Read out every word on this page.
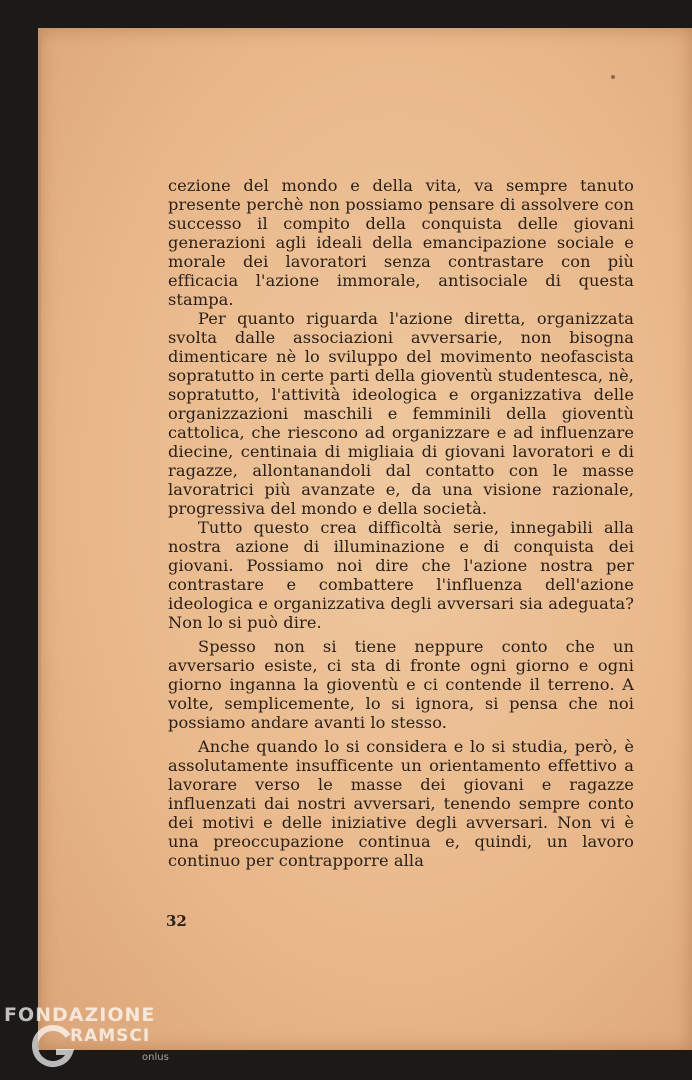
cezione del mondo e della vita, va sempre tanuto presente perchè non possiamo pensare di assolvere con successo il compito della conquista delle giovani generazioni agli ideali della emancipazione sociale e morale dei lavoratori senza contrastare con più efficacia l'azione immorale, antisociale di questa stampa.

Per quanto riguarda l'azione diretta, organizzata svolta dalle associazioni avversarie, non bisogna dimenticare nè lo sviluppo del movimento neofascista sopratutto in certe parti della gioventù studentesca, nè, sopratutto, l'attività ideologica e organizzativa delle organizzazioni maschili e femminili della gioventù cattolica, che riescono ad organizzare e ad influenzare diecine, centinaia di migliaia di giovani lavoratori e di ragazze, allontanandoli dal contatto con le masse lavoratrici più avanzate e, da una visione razionale, progressiva del mondo e della società.

Tutto questo crea difficoltà serie, innegabili alla nostra azione di illuminazione e di conquista dei giovani. Possiamo noi dire che l'azione nostra per contrastare e combattere l'influenza dell'azione ideologica e organizzativa degli avversari sia adeguata? Non lo si può dire.

Spesso non si tiene neppure conto che un avversario esiste, ci sta di fronte ogni giorno e ogni giorno inganna la gioventù e ci contende il terreno. A volte, semplicemente, lo si ignora, si pensa che noi possiamo andare avanti lo stesso.

Anche quando lo si considera e lo si studia, però, è assolutamente insufficente un orientamento effettivo a lavorare verso le masse dei giovani e ragazze influenzati dai nostri avversari, tenendo sempre conto dei motivi e delle iniziative degli avversari. Non vi è una preoccupazione continua e, quindi, un lavoro continuo per contrapporre alla

32
FONDAZIONE
RAMSCI
onlus
